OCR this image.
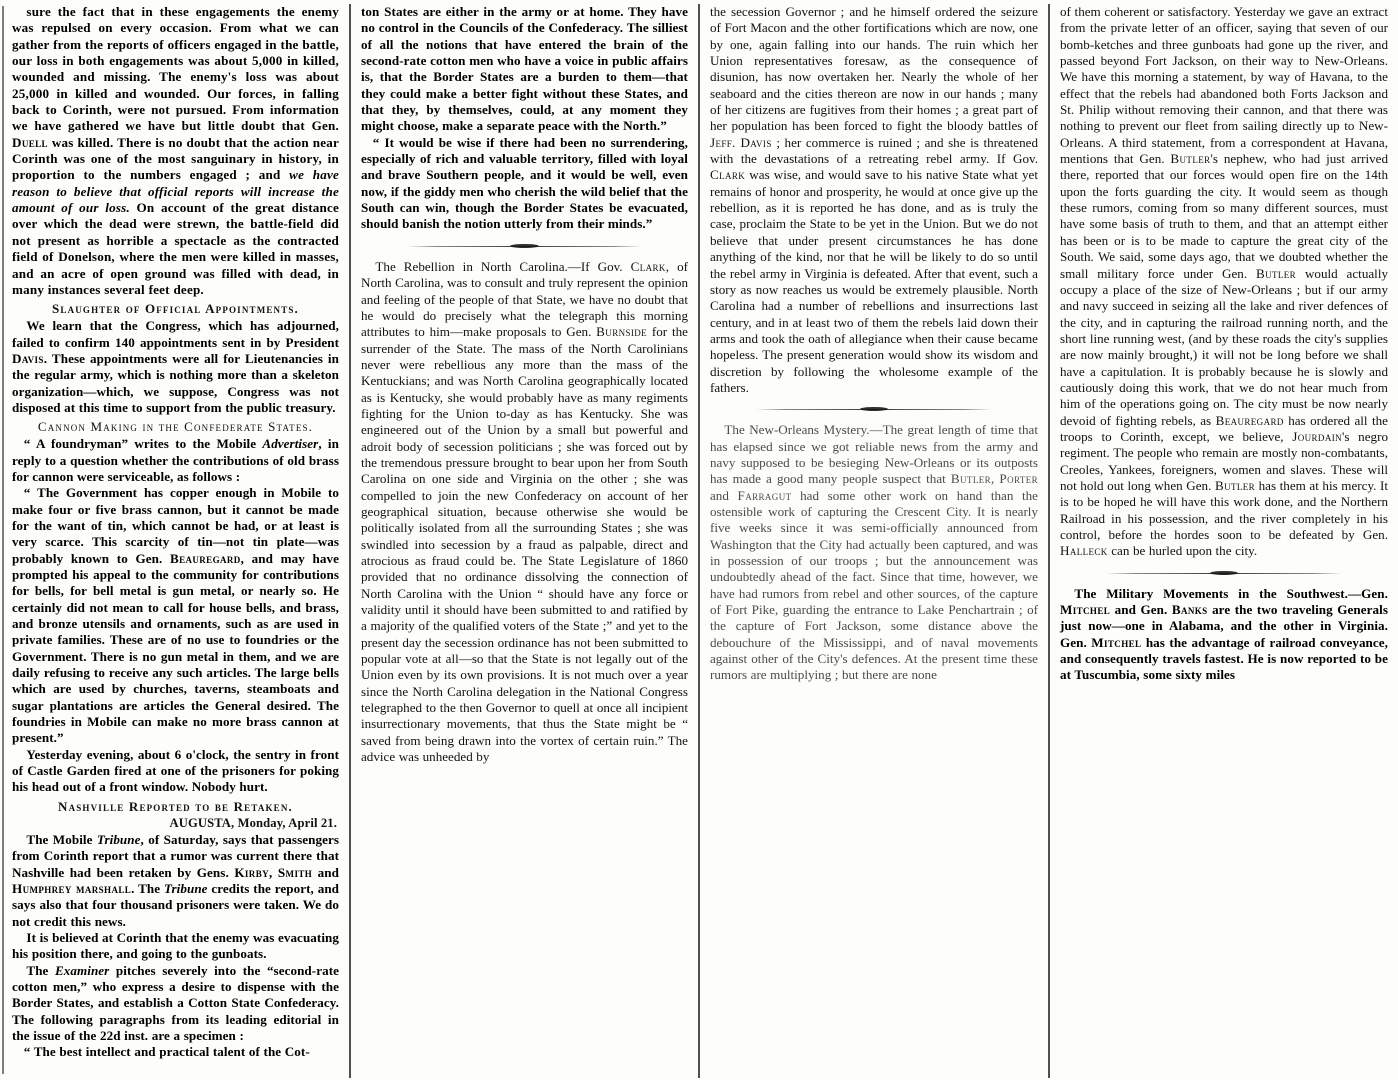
sure the fact that in these engagements the enemy was repulsed on every occasion. From what we can gather from the reports of officers engaged in the battle, our loss in both engagements was about 5,000 in killed, wounded and missing. The enemy's loss was about 25,000 in killed and wounded. Our forces, in falling back to Corinth, were not pursued. From information we have gathered we have but little doubt that Gen. Duell was killed. There is no doubt that the action near Corinth was one of the most sanguinary in history, in proportion to the numbers engaged ; and we have reason to believe that official reports will increase the amount of our loss. On account of the great distance over which the dead were strewn, the battle-field did not present as horrible a spectacle as the contracted field of Donelson, where the men were killed in masses, and an acre of open ground was filled with dead, in many instances several feet deep.

Slaughter of Official Appointments.

We learn that the Congress, which has adjourned, failed to confirm 140 appointments sent in by President Davis. These appointments were all for Lieutenancies in the regular army, which is nothing more than a skeleton organization—which, we suppose, Congress was not disposed at this time to support from the public treasury.

Cannon Making in the Confederate States.

“ A foundryman” writes to the Mobile Advertiser, in reply to a question whether the contributions of old brass for cannon were serviceable, as follows :

“ The Government has copper enough in Mobile to make four or five brass cannon, but it cannot be made for the want of tin, which cannot be had, or at least is very scarce. This scarcity of tin—not tin plate—was probably known to Gen. Beauregard, and may have prompted his appeal to the community for contributions for bells, for bell metal is gun metal, or nearly so. He certainly did not mean to call for house bells, and brass, and bronze utensils and ornaments, such as are used in private families. These are of no use to foundries or the Government. There is no gun metal in them, and we are daily refusing to receive any such articles. The large bells which are used by churches, taverns, steamboats and sugar plantations are articles the General desired. The foundries in Mobile can make no more brass cannon at present.”

Yesterday evening, about 6 o'clock, the sentry in front of Castle Garden fired at one of the prisoners for poking his head out of a front window. Nobody hurt.

Nashville Reported to be Retaken.
AUGUSTA, Monday, April 21.

The Mobile Tribune, of Saturday, says that passengers from Corinth report that a rumor was current there that Nashville had been retaken by Gens. Kirby, Smith and Humphrey marshall. The Tribune credits the report, and says also that four thousand prisoners were taken. We do not credit this news.

It is believed at Corinth that the enemy was evacuating his position there, and going to the gunboats.

The Examiner pitches severely into the “second-rate cotton men,” who express a desire to dispense with the Border States, and establish a Cotton State Confederacy. The following paragraphs from its leading editorial in the issue of the 22d inst. are a specimen :

“ The best intellect and practical talent of the Cot-

ton States are either in the army or at home. They have no control in the Councils of the Confederacy. The silliest of all the notions that have entered the brain of the second-rate cotton men who have a voice in public affairs is, that the Border States are a burden to them—that they could make a better fight without these States, and that they, by themselves, could, at any moment they might choose, make a separate peace with the North.”

“ It would be wise if there had been no surrendering, especially of rich and valuable territory, filled with loyal and brave Southern people, and it would be well, even now, if the giddy men who cherish the wild belief that the South can win, though the Border States be evacuated, should banish the notion utterly from their minds.”

The Rebellion in North Carolina.—If Gov. Clark, of North Carolina, was to consult and truly represent the opinion and feeling of the people of that State, we have no doubt that he would do precisely what the telegraph this morning attributes to him—make proposals to Gen. Burnside for the surrender of the State. The mass of the North Carolinians never were rebellious any more than the mass of the Kentuckians; and was North Carolina geographically located as is Kentucky, she would probably have as many regiments fighting for the Union to-day as has Kentucky. She was engineered out of the Union by a small but powerful and adroit body of secession politicians ; she was forced out by the tremendous pressure brought to bear upon her from South Carolina on one side and Virginia on the other ; she was compelled to join the new Confederacy on account of her geographical situation, because otherwise she would be politically isolated from all the surrounding States ; she was swindled into secession by a fraud as palpable, direct and atrocious as fraud could be. The State Legislature of 1860 provided that no ordinance dissolving the connection of North Carolina with the Union “ should have any force or validity until it should have been submitted to and ratified by a majority of the qualified voters of the State ;” and yet to the present day the secession ordinance has not been submitted to popular vote at all—so that the State is not legally out of the Union even by its own provisions. It is not much over a year since the North Carolina delegation in the National Congress telegraphed to the then Governor to quell at once all incipient insurrectionary movements, that thus the State might be “ saved from being drawn into the vortex of certain ruin.” The advice was unheeded by

the secession Governor ; and he himself ordered the seizure of Fort Macon and the other fortifications which are now, one by one, again falling into our hands. The ruin which her Union representatives foresaw, as the consequence of disunion, has now overtaken her. Nearly the whole of her seaboard and the cities thereon are now in our hands ; many of her citizens are fugitives from their homes ; a great part of her population has been forced to fight the bloody battles of Jeff. Davis ; her commerce is ruined ; and she is threatened with the devastations of a retreating rebel army. If Gov. Clark was wise, and would save to his native State what yet remains of honor and prosperity, he would at once give up the rebellion, as it is reported he has done, and as is truly the case, proclaim the State to be yet in the Union. But we do not believe that under present circumstances he has done anything of the kind, nor that he will be likely to do so until the rebel army in Virginia is defeated. After that event, such a story as now reaches us would be extremely plausible. North Carolina had a number of rebellions and insurrections last century, and in at least two of them the rebels laid down their arms and took the oath of allegiance when their cause became hopeless. The present generation would show its wisdom and discretion by following the wholesome example of the fathers.

The New-Orleans Mystery.—The great length of time that has elapsed since we got reliable news from the army and navy supposed to be besieging New-Orleans or its outposts has made a good many people suspect that Butler, Porter and Farragut had some other work on hand than the ostensible work of capturing the Crescent City. It is nearly five weeks since it was semi-officially announced from Washington that the City had actually been captured, and was in possession of our troops ; but the announcement was undoubtedly ahead of the fact. Since that time, however, we have had rumors from rebel and other sources, of the capture of Fort Pike, guarding the entrance to Lake Penchartrain ; of the capture of Fort Jackson, some distance above the debouchure of the Mississippi, and of naval movements against other of the City's defences. At the present time these rumors are multiplying ; but there are none

of them coherent or satisfactory. Yesterday we gave an extract from the private letter of an officer, saying that seven of our bomb-ketches and three gunboats had gone up the river, and passed beyond Fort Jackson, on their way to New-Orleans. We have this morning a statement, by way of Havana, to the effect that the rebels had abandoned both Forts Jackson and St. Philip without removing their cannon, and that there was nothing to prevent our fleet from sailing directly up to New-Orleans. A third statement, from a correspondent at Havana, mentions that Gen. Butler's nephew, who had just arrived there, reported that our forces would open fire on the 14th upon the forts guarding the city. It would seem as though these rumors, coming from so many different sources, must have some basis of truth to them, and that an attempt either has been or is to be made to capture the great city of the South. We said, some days ago, that we doubted whether the small military force under Gen. Butler would actually occupy a place of the size of New-Orleans ; but if our army and navy succeed in seizing all the lake and river defences of the city, and in capturing the railroad running north, and the short line running west, (and by these roads the city's supplies are now mainly brought,) it will not be long before we shall have a capitulation. It is probably because he is slowly and cautiously doing this work, that we do not hear much from him of the operations going on. The city must be now nearly devoid of fighting rebels, as Beauregard has ordered all the troops to Corinth, except, we believe, Jourdain's negro regiment. The people who remain are mostly non-combatants, Creoles, Yankees, foreigners, women and slaves. These will not hold out long when Gen. Butler has them at his mercy. It is to be hoped he will have this work done, and the Northern Railroad in his possession, and the river completely in his control, before the hordes soon to be defeated by Gen. Halleck can be hurled upon the city.

The Military Movements in the Southwest.—Gen. Mitchel and Gen. Banks are the two traveling Generals just now—one in Alabama, and the other in Virginia. Gen. Mitchel has the advantage of railroad conveyance, and consequently travels fastest. He is now reported to be at Tuscumbia, some sixty miles
